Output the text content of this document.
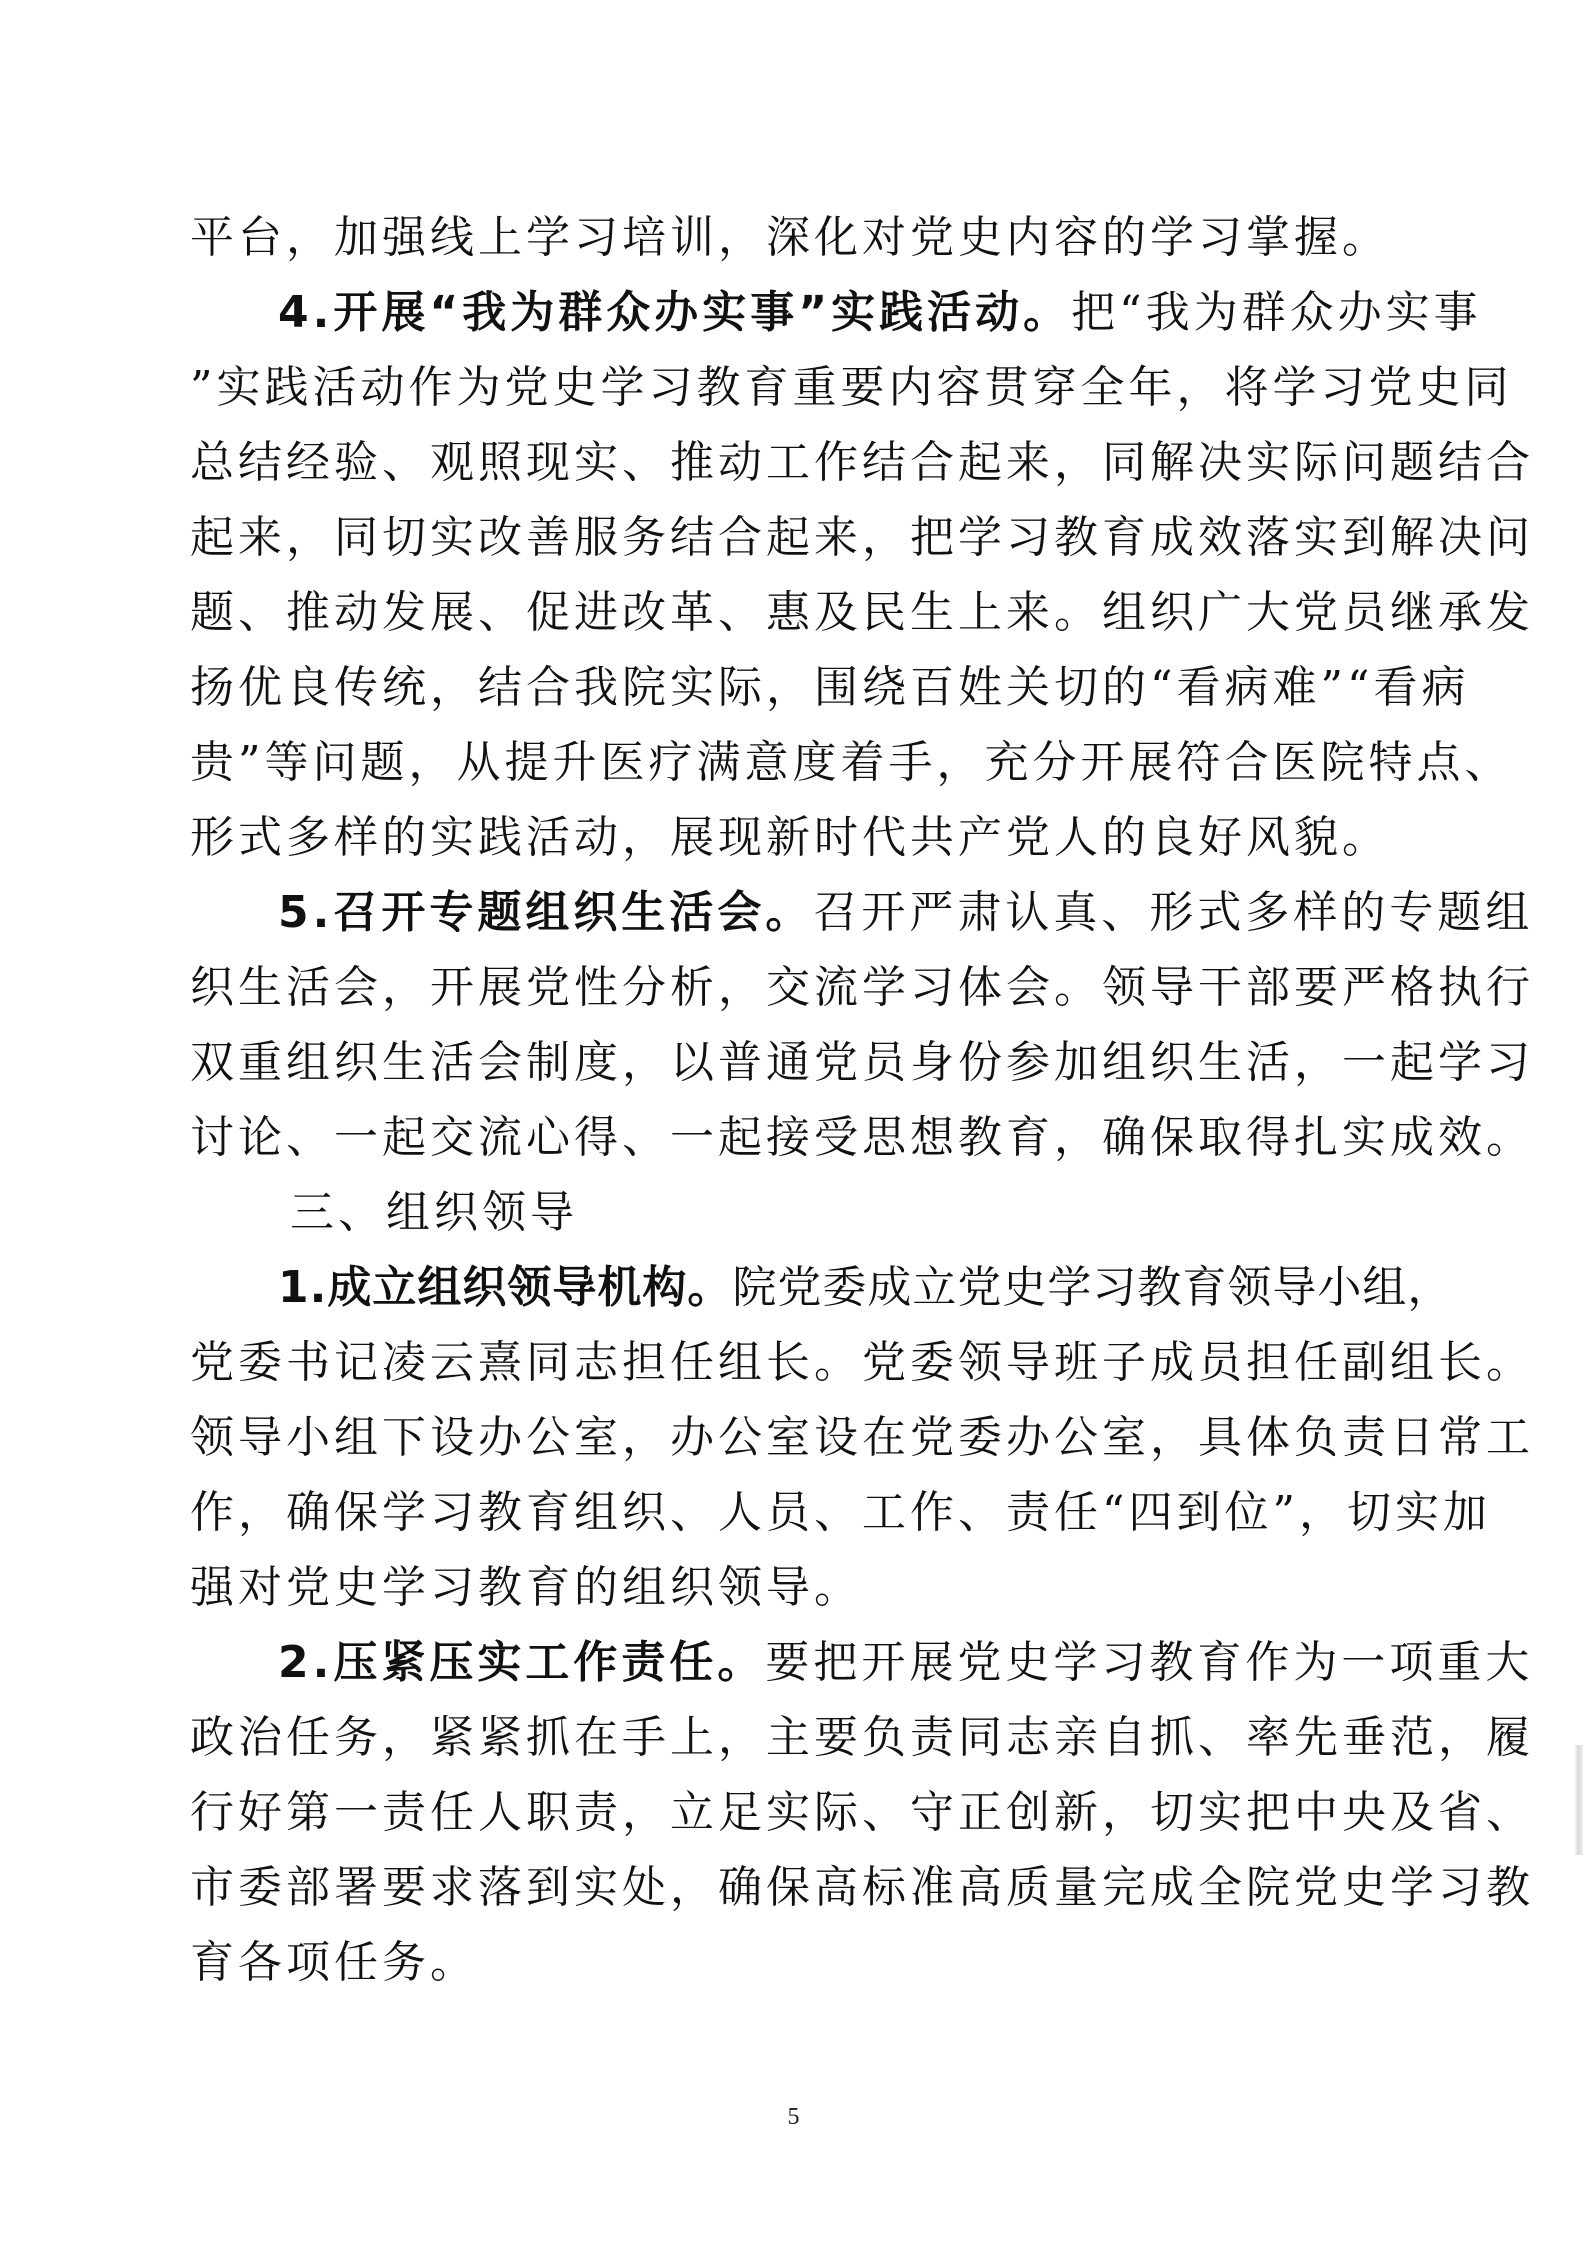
平台，加强线上学习培训，深化对党史内容的学习掌握。
4.开展“我为群众办实事”实践活动。把“我为群众办实事
”实践活动作为党史学习教育重要内容贯穿全年，将学习党史同
总结经验、观照现实、推动工作结合起来，同解决实际问题结合
起来，同切实改善服务结合起来，把学习教育成效落实到解决问
题、推动发展、促进改革、惠及民生上来。组织广大党员继承发
扬优良传统，结合我院实际，围绕百姓关切的“看病难”“看病
贵”等问题，从提升医疗满意度着手，充分开展符合医院特点、
形式多样的实践活动，展现新时代共产党人的良好风貌。
5.召开专题组织生活会。召开严肃认真、形式多样的专题组
织生活会，开展党性分析，交流学习体会。领导干部要严格执行
双重组织生活会制度，以普通党员身份参加组织生活，一起学习
讨论、一起交流心得、一起接受思想教育，确保取得扎实成效。
三、组织领导
1.成立组织领导机构。院党委成立党史学习教育领导小组，
党委书记凌云熹同志担任组长。党委领导班子成员担任副组长。
领导小组下设办公室，办公室设在党委办公室，具体负责日常工
作，确保学习教育组织、人员、工作、责任“四到位”，切实加
强对党史学习教育的组织领导。
2.压紧压实工作责任。要把开展党史学习教育作为一项重大
政治任务，紧紧抓在手上，主要负责同志亲自抓、率先垂范，履
行好第一责任人职责，立足实际、守正创新，切实把中央及省、
市委部署要求落到实处，确保高标准高质量完成全院党史学习教
育各项任务。
5
